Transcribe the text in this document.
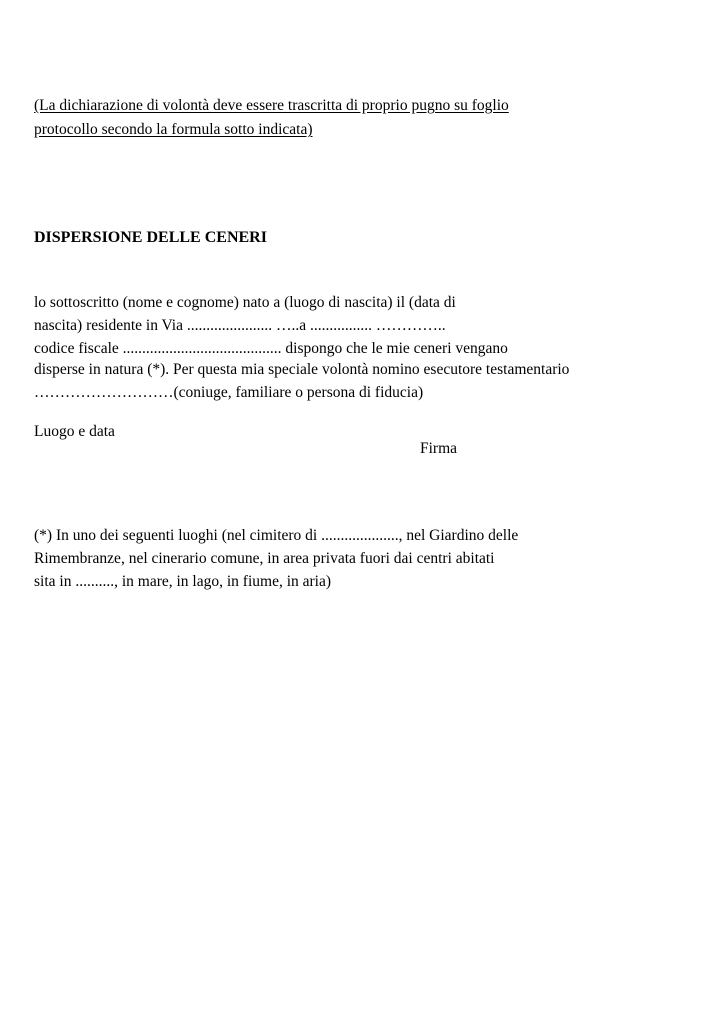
(La dichiarazione di volontà deve essere trascritta di proprio pugno su foglio
protocollo secondo la formula sotto indicata)
DISPERSIONE DELLE CENERI
lo sottoscritto (nome e cognome) nato a (luogo di nascita) il (data di
nascita) residente in Via ...................... …..a ................ …………..
codice fiscale ......................................... dispongo che le mie ceneri vengano
disperse in natura (*). Per questa mia speciale volontà nomino esecutore testamentario
………………………(coniuge, familiare o persona di fiducia)
Luogo e data
Firma
(*) In uno dei seguenti luoghi (nel cimitero di ...................., nel Giardino delle
Rimembranze, nel cinerario comune, in area privata fuori dai centri abitati
sita in .........., in mare, in lago, in fiume, in aria)
